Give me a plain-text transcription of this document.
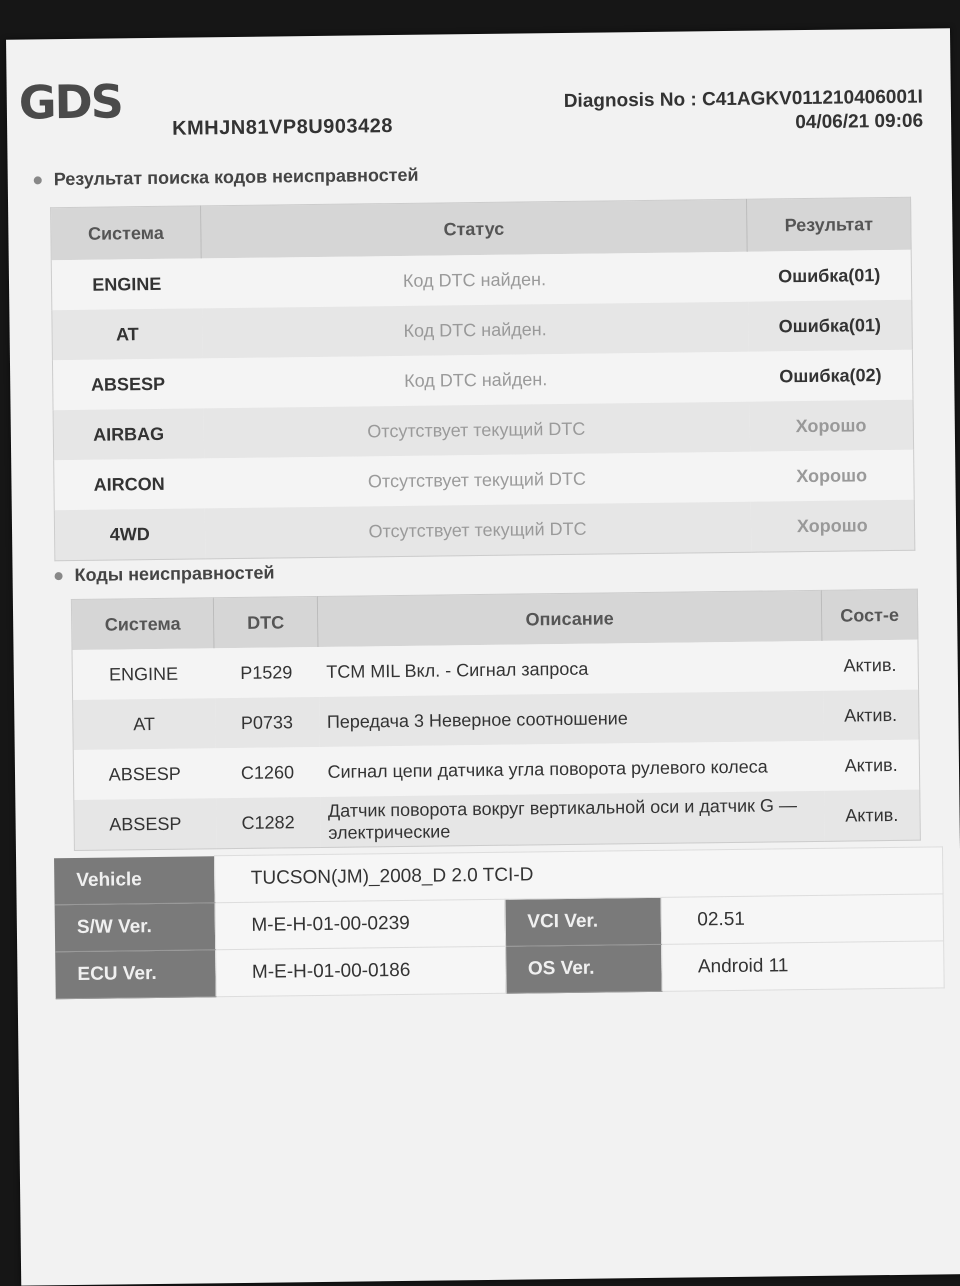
GDS KMHJN81VP8U903428
Diagnosis No : C41AGKV011210406001I
04/06/21 09:06
Результат поиска кодов неисправностей
Система	Статус	Результат
ENGINE	Код DTC найден.	Ошибка(01)
AT	Код DTC найден.	Ошибка(01)
ABSESP	Код DTC найден.	Ошибка(02)
AIRBAG	Отсутствует текущий DTC	Хорошо
AIRCON	Отсутствует текущий DTC	Хорошо
4WD	Отсутствует текущий DTC	Хорошо
Коды неисправностей
Система	DTC	Описание	Сост-е
ENGINE	P1529	TCM MIL Вкл. - Сигнал запроса	Актив.
AT	P0733	Передача 3 Неверное соотношение	Актив.
ABSESP	C1260	Сигнал цепи датчика угла поворота рулевого колеса	Актив.
ABSESP	C1282	Датчик поворота вокруг вертикальной оси и датчик G — электрические	Актив.
Vehicle	TUCSON(JM)_2008_D 2.0 TCI-D		
S/W Ver.	M-E-H-01-00-0239	VCI Ver.	02.51
ECU Ver.	M-E-H-01-00-0186	OS Ver.	Android 11
